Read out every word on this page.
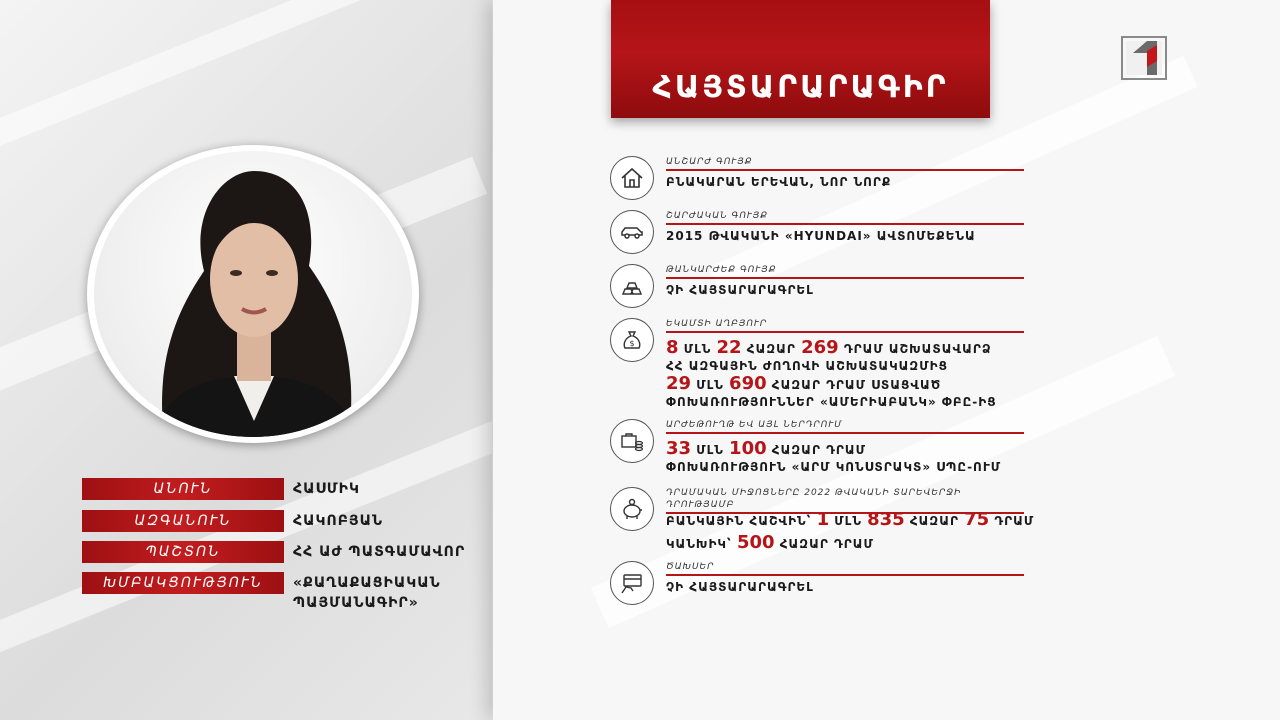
ՀԱՅՏԱՐԱՐԱԳԻՐ
ԱՆՈՒՆ	ՀԱՍՄԻԿ
ԱԶԳԱՆՈՒՆ	ՀԱԿՈԲՅԱՆ
ՊԱՇՏՈՆ	ՀՀ ԱԺ ՊԱՏԳԱՄԱՎՈՐ
ԽՄԲԱԿՑՈՒԹՅՈՒՆ	«ՔԱՂԱՔԱՑԻԱԿԱՆ
ՊԱՅՄԱՆԱԳԻՐ»
ԱՆՇԱՐԺ ԳՈՒՅՔ
ԲՆԱԿԱՐԱՆ ԵՐԵՎԱՆ, ՆՈՐ ՆՈՐՔ
ՇԱՐԺԱԿԱՆ ԳՈՒՅՔ
2015 ԹՎԱԿԱՆԻ «HYUNDAI» ԱՎՏՈՄԵՔԵՆԱ
ԹԱՆԿԱՐԺԵՔ ԳՈՒՅՔ
ՉԻ ՀԱՅՏԱՐԱՐԱԳՐԵԼ
$
ԵԿԱՄՏԻ ԱՂԲՅՈՒՐ
8 ՄԼՆ 22 ՀԱԶԱՐ 269 ԴՐԱՄ ԱՇԽԱՏԱՎԱՐՁ
ՀՀ ԱԶԳԱՅԻՆ ԺՈՂՈՎԻ ԱՇԽԱՏԱԿԱԶՄԻՑ
29 ՄԼՆ 690 ՀԱԶԱՐ ԴՐԱՄ ՍՏԱՑՎԱԾ
ՓՈԽԱՌՈՒԹՅՈՒՆՆԵՐ «ԱՄԵՐԻԱԲԱՆԿ» ՓԲԸ-ԻՑ
ԱՐԺԵԹՈՒՂԹ ԵՎ ԱՅԼ ՆԵՐԴՐՈՒՄ
33 ՄԼՆ 100 ՀԱԶԱՐ ԴՐԱՄ
ՓՈԽԱՌՈՒԹՅՈՒՆ «ԱՐՄ ԿՈՆՍՏՐԱԿՏ» ՍՊԸ-ՈՒՄ
ԴՐԱՄԱԿԱՆ ՄԻՋՈՑՆԵՐԸ 2022 ԹՎԱԿԱՆԻ ՏԱՐԵՎԵՐՋԻ ԴՐՈՒԹՅԱՄԲ
ԲԱՆԿԱՅԻՆ ՀԱՇՎԻՆ՝ 1 ՄԼՆ 835 ՀԱԶԱՐ 75 ԴՐԱՄ
ԿԱՆԽԻԿ՝ 500 ՀԱԶԱՐ ԴՐԱՄ
ԾԱԽՍԵՐ
ՉԻ ՀԱՅՏԱՐԱՐԱԳՐԵԼ
